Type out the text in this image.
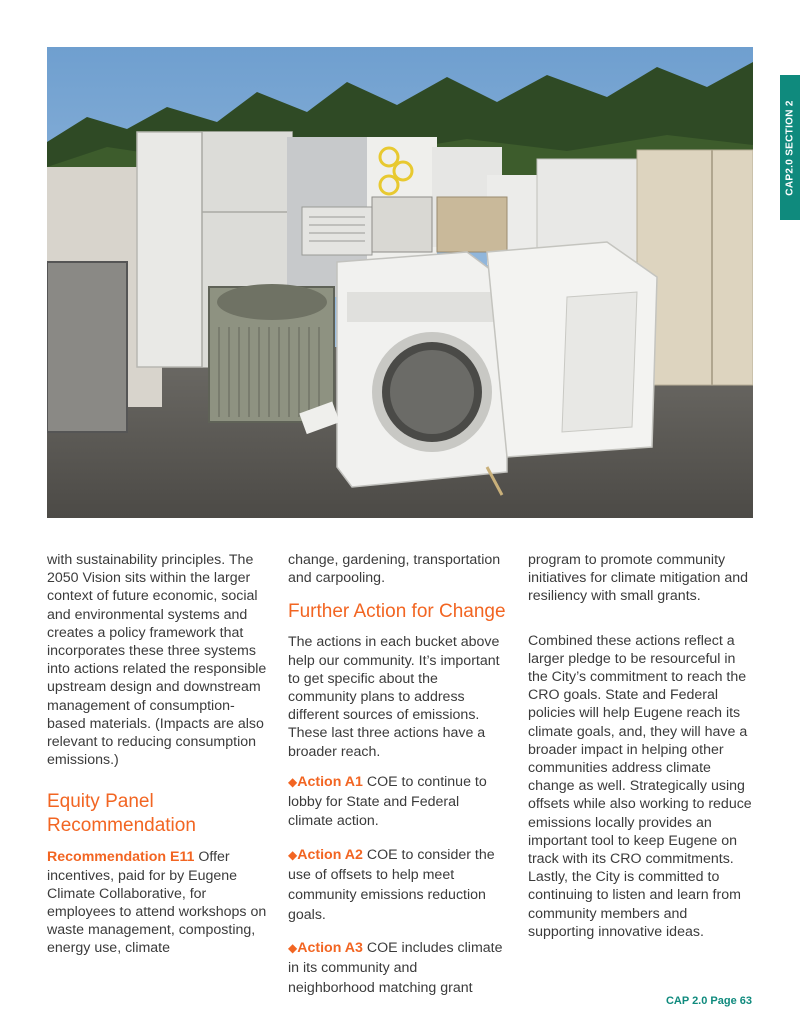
CAP2.0 SECTION 2

with sustainability principles. The 2050 Vision sits within the larger context of future economic, social and environmental systems and creates a policy framework that incorporates these three systems into actions related the responsible upstream design and downstream management of consumption-based materials. (Impacts are also relevant to reducing consumption emissions.)

Equity Panel Recommendation

Recommendation E11 Offer incentives, paid for by Eugene Climate Collaborative, for employees to attend workshops on waste management, composting, energy use, climate

change, gardening, transportation and carpooling.

Further Action for Change

The actions in each bucket above help our community. It’s important to get specific about the community plans to address different sources of emissions. These last three actions have a broader reach.

◆Action A1 COE to continue to lobby for State and Federal climate action.

◆Action A2 COE to consider the use of offsets to help meet community emissions reduction goals.

◆Action A3 COE includes climate in its community and neighborhood matching grant

program to promote community initiatives for climate mitigation and resiliency with small grants.

Combined these actions reflect a larger pledge to be resourceful in the City’s commitment to reach the CRO goals. State and Federal policies will help Eugene reach its climate goals, and, they will have a broader impact in helping other communities address climate change as well. Strategically using offsets while also working to reduce emissions locally provides an important tool to keep Eugene on track with its CRO commitments. Lastly, the City is committed to continuing to listen and learn from community members and supporting innovative ideas.

CAP 2.0 Page 63
